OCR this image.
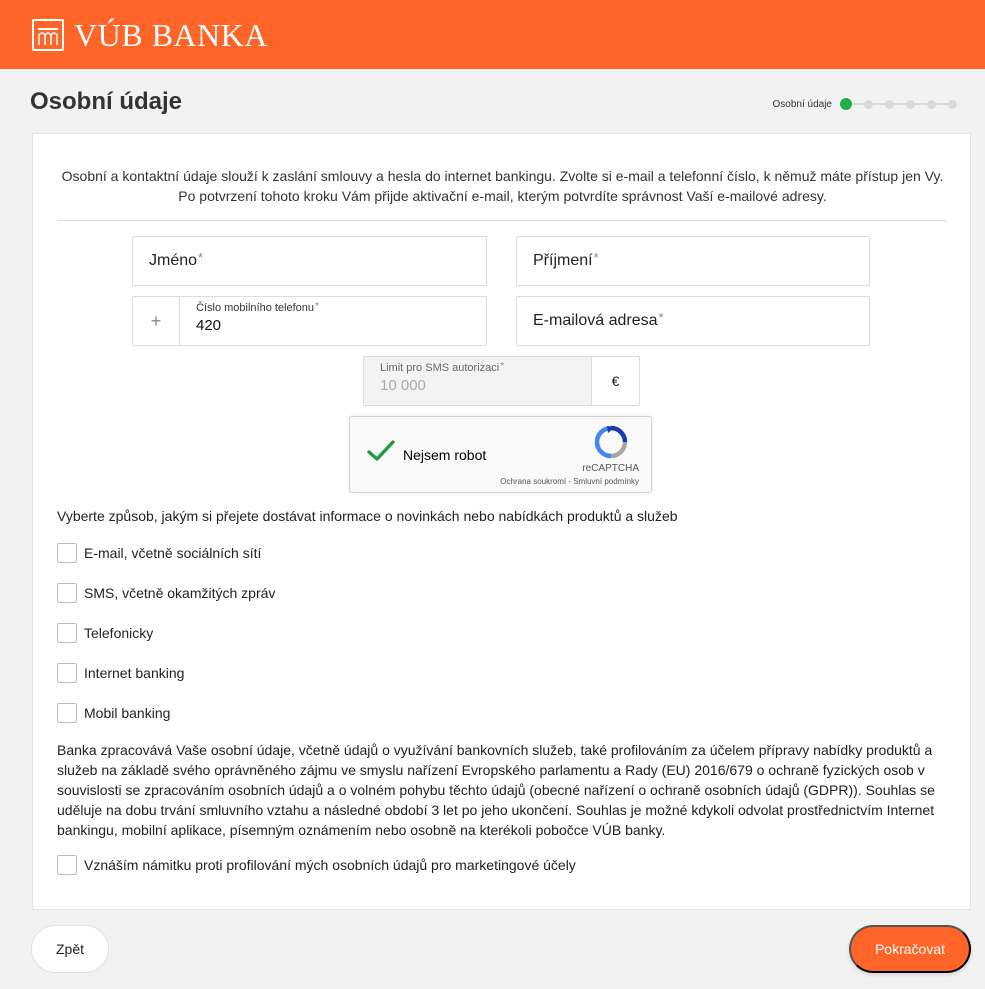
VÚB BANKA
Osobní údaje	Osobní údaje
Osobní a kontaktní údaje slouží k zaslání smlouvy a hesla do internet bankingu. Zvolte si e-mail a telefonní číslo, k němuž máte přístup jen Vy.
Po potvrzení tohoto kroku Vám přijde aktivační e-mail, kterým potvrdíte správnost Vaší e-mailové adresy.
Jméno*	Příjmení*
+
Číslo mobilního telefonu*
420	E-mailová adresa*
Limit pro SMS autorizaci*
10 000	€
Nejsem robot
reCAPTCHA
Ochrana soukromí - Smluvní podmínky
Vyberte způsob, jakým si přejete dostávat informace o novinkách nebo nabídkách produktů a služeb
E-mail, včetně sociálních sítí
SMS, včetně okamžitých zpráv
Telefonicky
Internet banking
Mobil banking
Banka zpracovává Vaše osobní údaje, včetně údajů o využívání bankovních služeb, také profilováním za účelem přípravy nabídky produktů a služeb na základě svého oprávněného zájmu ve smyslu nařízení Evropského parlamentu a Rady (EU) 2016/679 o ochraně fyzických osob v souvislosti se zpracováním osobních údajů a o volném pohybu těchto údajů (obecné nařízení o ochraně osobních údajů (GDPR)). Souhlas se uděluje na dobu trvání smluvního vztahu a následné období 3 let po jeho ukončení. Souhlas je možné kdykoli odvolat prostřednictvím Internet bankingu, mobilní aplikace, písemným oznámením nebo osobně na kterékoli pobočce VÚB banky.
Vznáším námitku proti profilování mých osobních údajů pro marketingové účely
Zpět	Pokračovat
